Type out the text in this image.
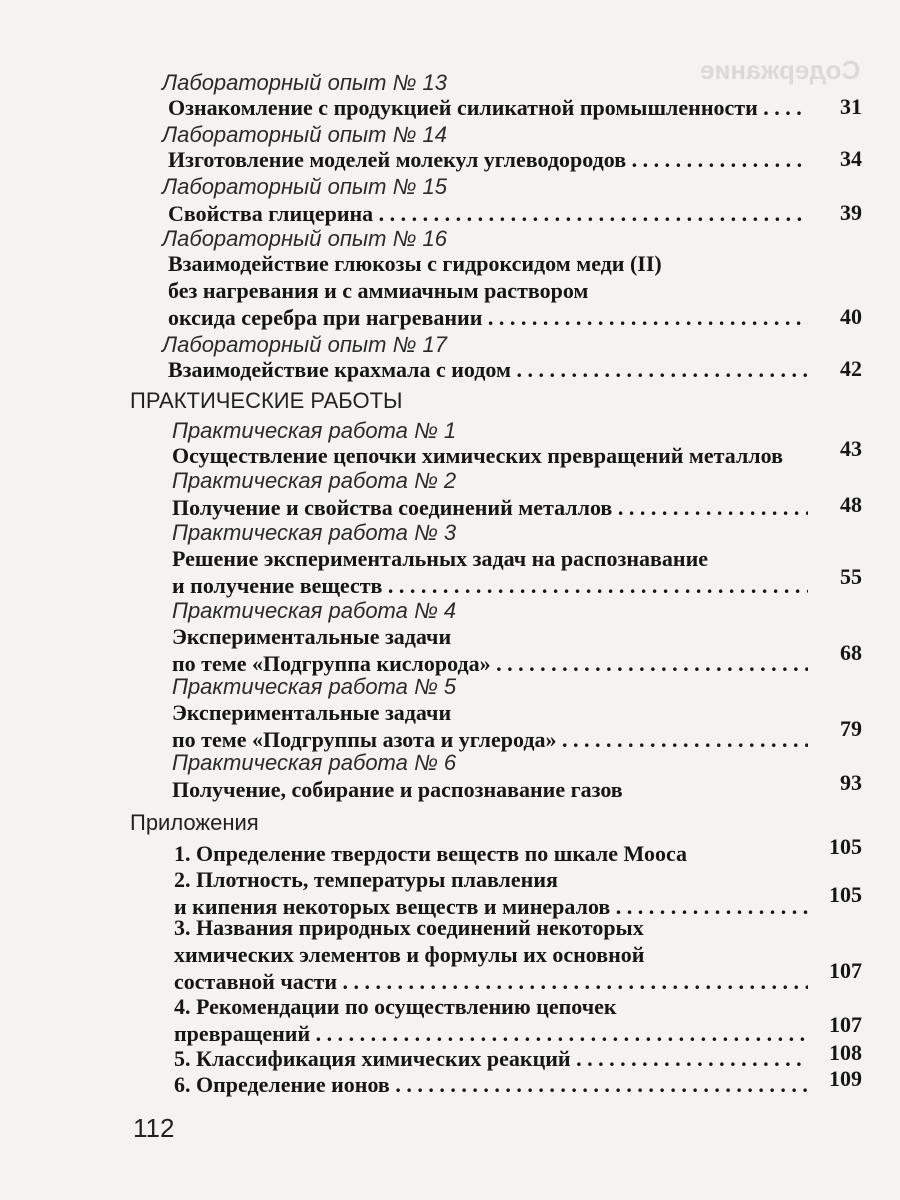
Содержание
Лабораторный опыт № 13
Ознакомление с продукцией силикатной промышленности . . .	31
Лабораторный опыт № 14
Изготовление моделей молекул углеводородов . . .	34
Лабораторный опыт № 15
Свойства глицерина . . .	39
Лабораторный опыт № 16
Взаимодействие глюкозы с гидроксидом меди (II)
без нагревания и с аммиачным раствором
оксида серебра при нагревании . . .	40
Лабораторный опыт № 17
Взаимодействие крахмала с иодом . . .	42
ПРАКТИЧЕСКИЕ РАБОТЫ
Практическая работа № 1
Осуществление цепочки химических превращений металлов	43
Практическая работа № 2
Получение и свойства соединений металлов . . .	48
Практическая работа № 3
Решение экспериментальных задач на распознавание
и получение веществ . . .	55
Практическая работа № 4
Экспериментальные задачи
по теме «Подгруппа кислорода» . . .	68
Практическая работа № 5
Экспериментальные задачи
по теме «Подгруппы азота и углерода» . . .	79
Практическая работа № 6
Получение, собирание и распознавание газов	93
Приложения
1. Определение твердости веществ по шкале Мооса	105
2. Плотность, температуры плавления
и кипения некоторых веществ и минералов . . .	105
3. Названия природных соединений некоторых
химических элементов и формулы их основной
составной части . . .	107
4. Рекомендации по осуществлению цепочек
превращений . . .	107
5. Классификация химических реакций . . .	108
6. Определение ионов . . .	109
112
